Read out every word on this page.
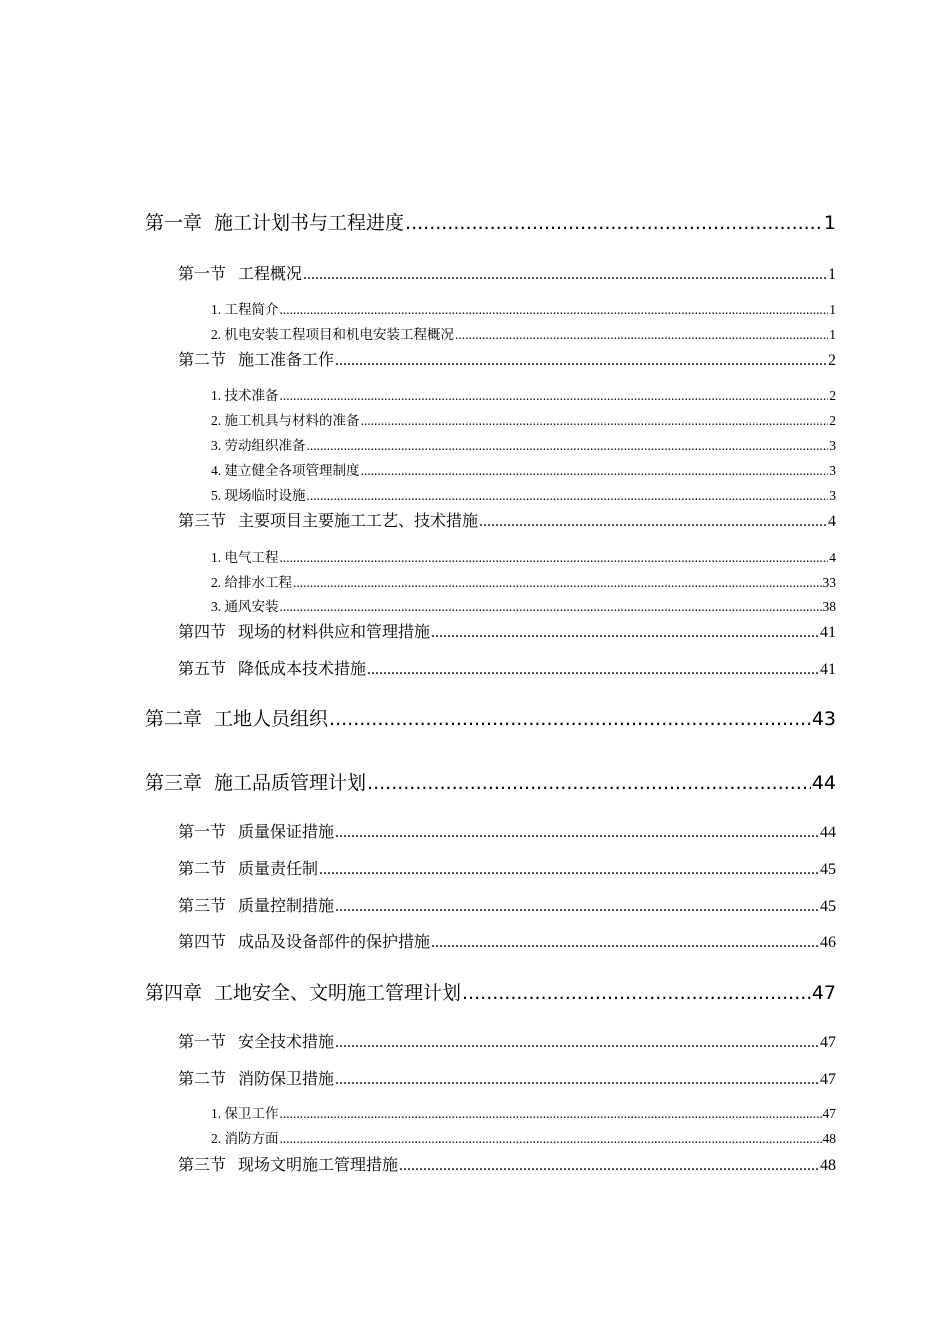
第一章 施工计划书与工程进度 .....	1
第一节 工程概况 .....	1
1. 工程简介 .....	1
2. 机电安装工程项目和机电安装工程概况 .....	1
第二节 施工准备工作 .....	2
1. 技术准备 .....	2
2. 施工机具与材料的准备 .....	2
3. 劳动组织准备 .....	3
4. 建立健全各项管理制度 .....	3
5. 现场临时设施 .....	3
第三节 主要项目主要施工工艺、技术措施 .....	4
1. 电气工程 .....	4
2. 给排水工程 .....	33
3. 通风安装 .....	38
第四节 现场的材料供应和管理措施 .....	41
第五节 降低成本技术措施 .....	41
第二章 工地人员组织 .....	43
第三章 施工品质管理计划 .....	44
第一节 质量保证措施 .....	44
第二节 质量责任制 .....	45
第三节 质量控制措施 .....	45
第四节 成品及设备部件的保护措施 .....	46
第四章 工地安全、文明施工管理计划 .....	47
第一节 安全技术措施 .....	47
第二节 消防保卫措施 .....	47
1. 保卫工作 .....	47
2. 消防方面 .....	48
第三节 现场文明施工管理措施 .....	48
